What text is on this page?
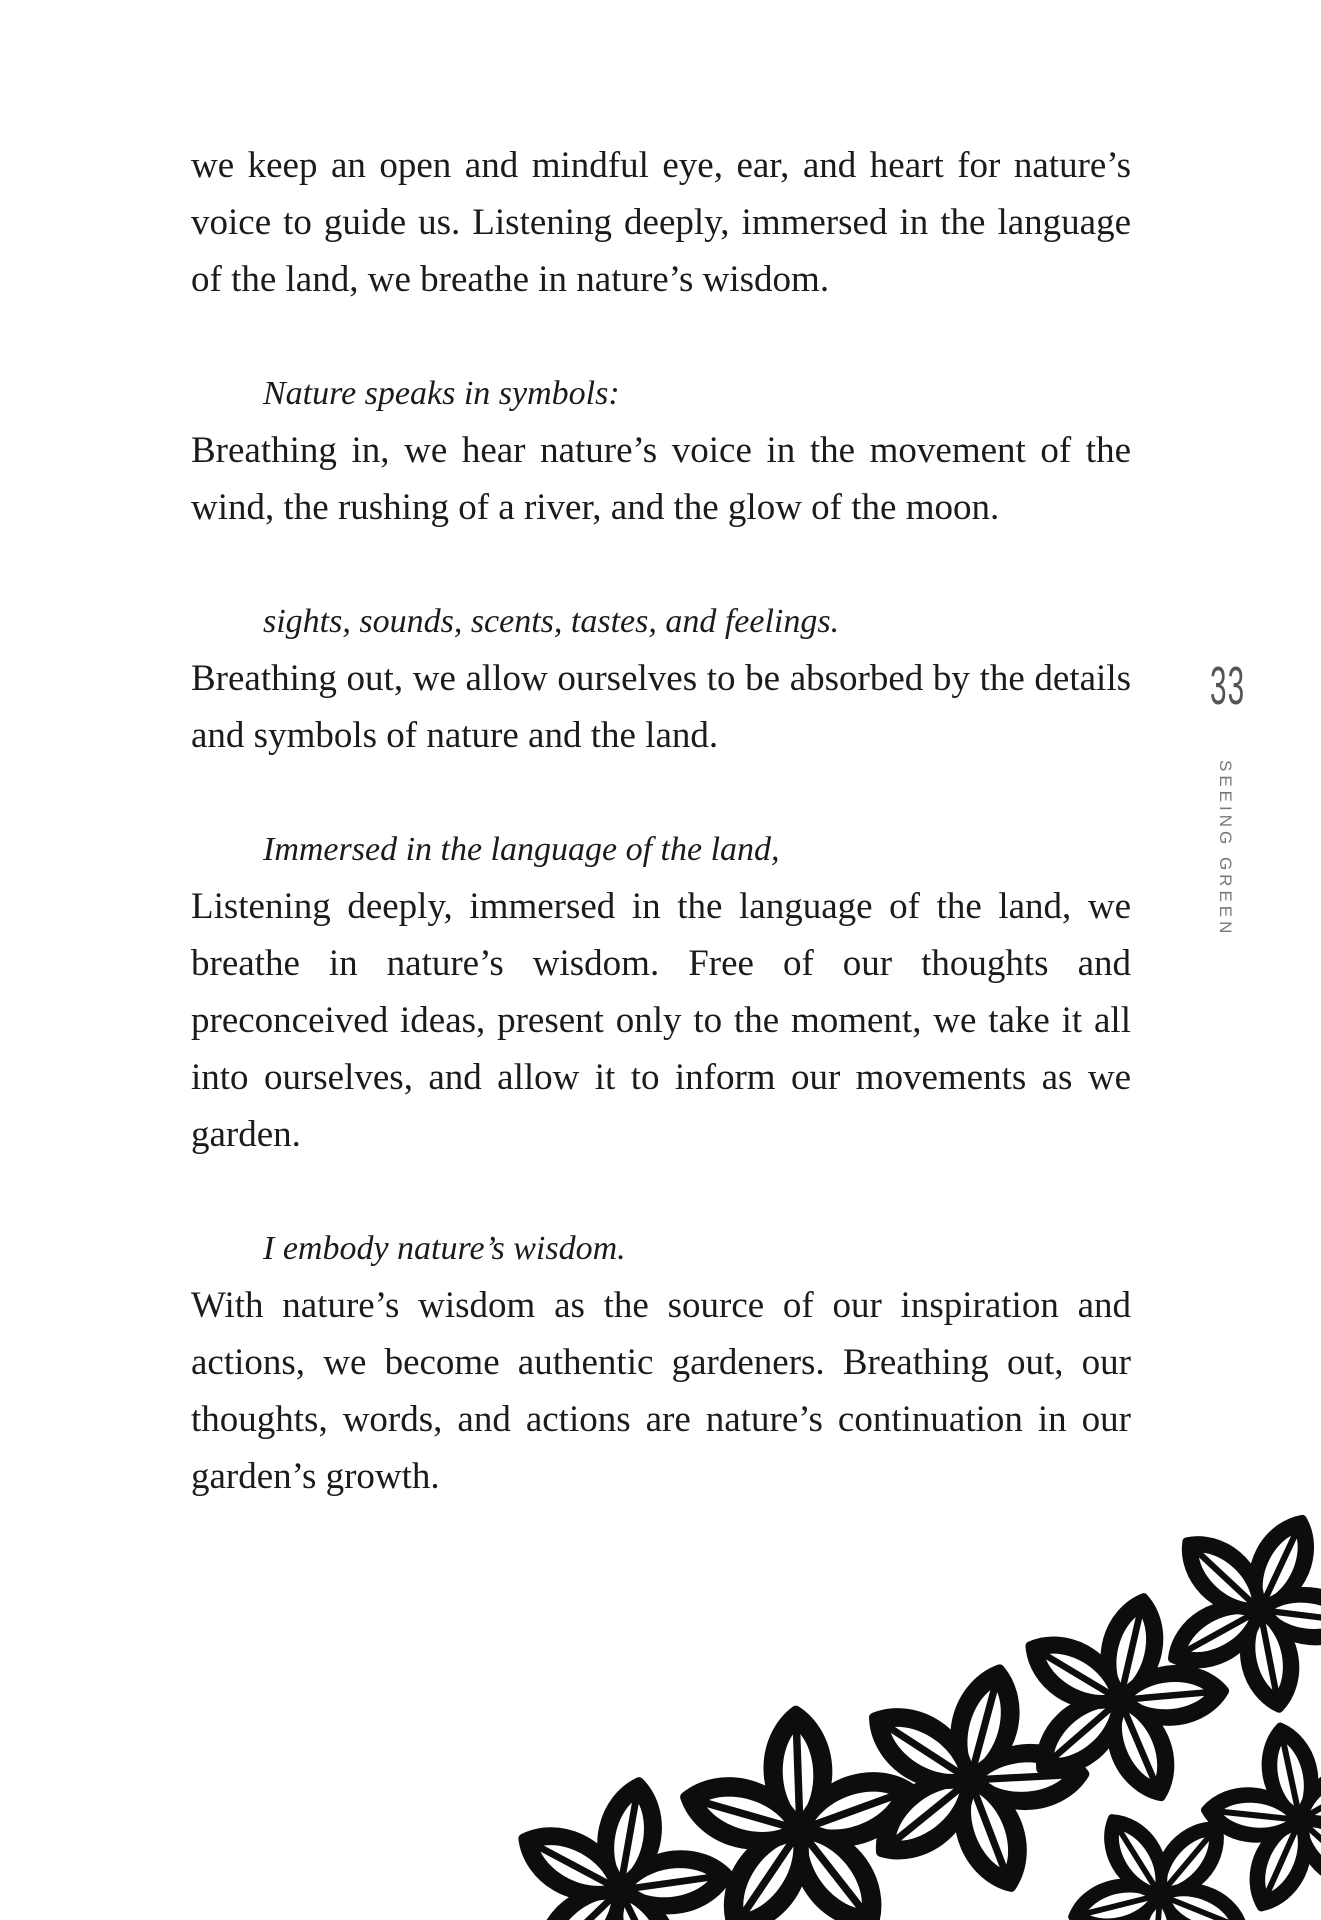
we keep an open and mindful eye, ear, and heart for nature’s voice to guide us. Listening deeply, immersed in the language of the land, we breathe in nature’s wisdom.

Nature speaks in symbols:

Breathing in, we hear nature’s voice in the movement of the wind, the rushing of a river, and the glow of the moon.

sights, sounds, scents, tastes, and feelings.

Breathing out, we allow ourselves to be absorbed by the details and symbols of nature and the land.

Immersed in the language of the land,

Listening deeply, immersed in the language of the land, we breathe in nature’s wisdom. Free of our thoughts and preconceived ideas, present only to the moment, we take it all into ourselves, and allow it to inform our movements as we garden.

I embody nature’s wisdom.

With nature’s wisdom as the source of our inspiration and actions, we become authentic gardeners. Breathing out, our thoughts, words, and actions are nature’s continuation in our garden’s growth.

33
SEEING GREEN
